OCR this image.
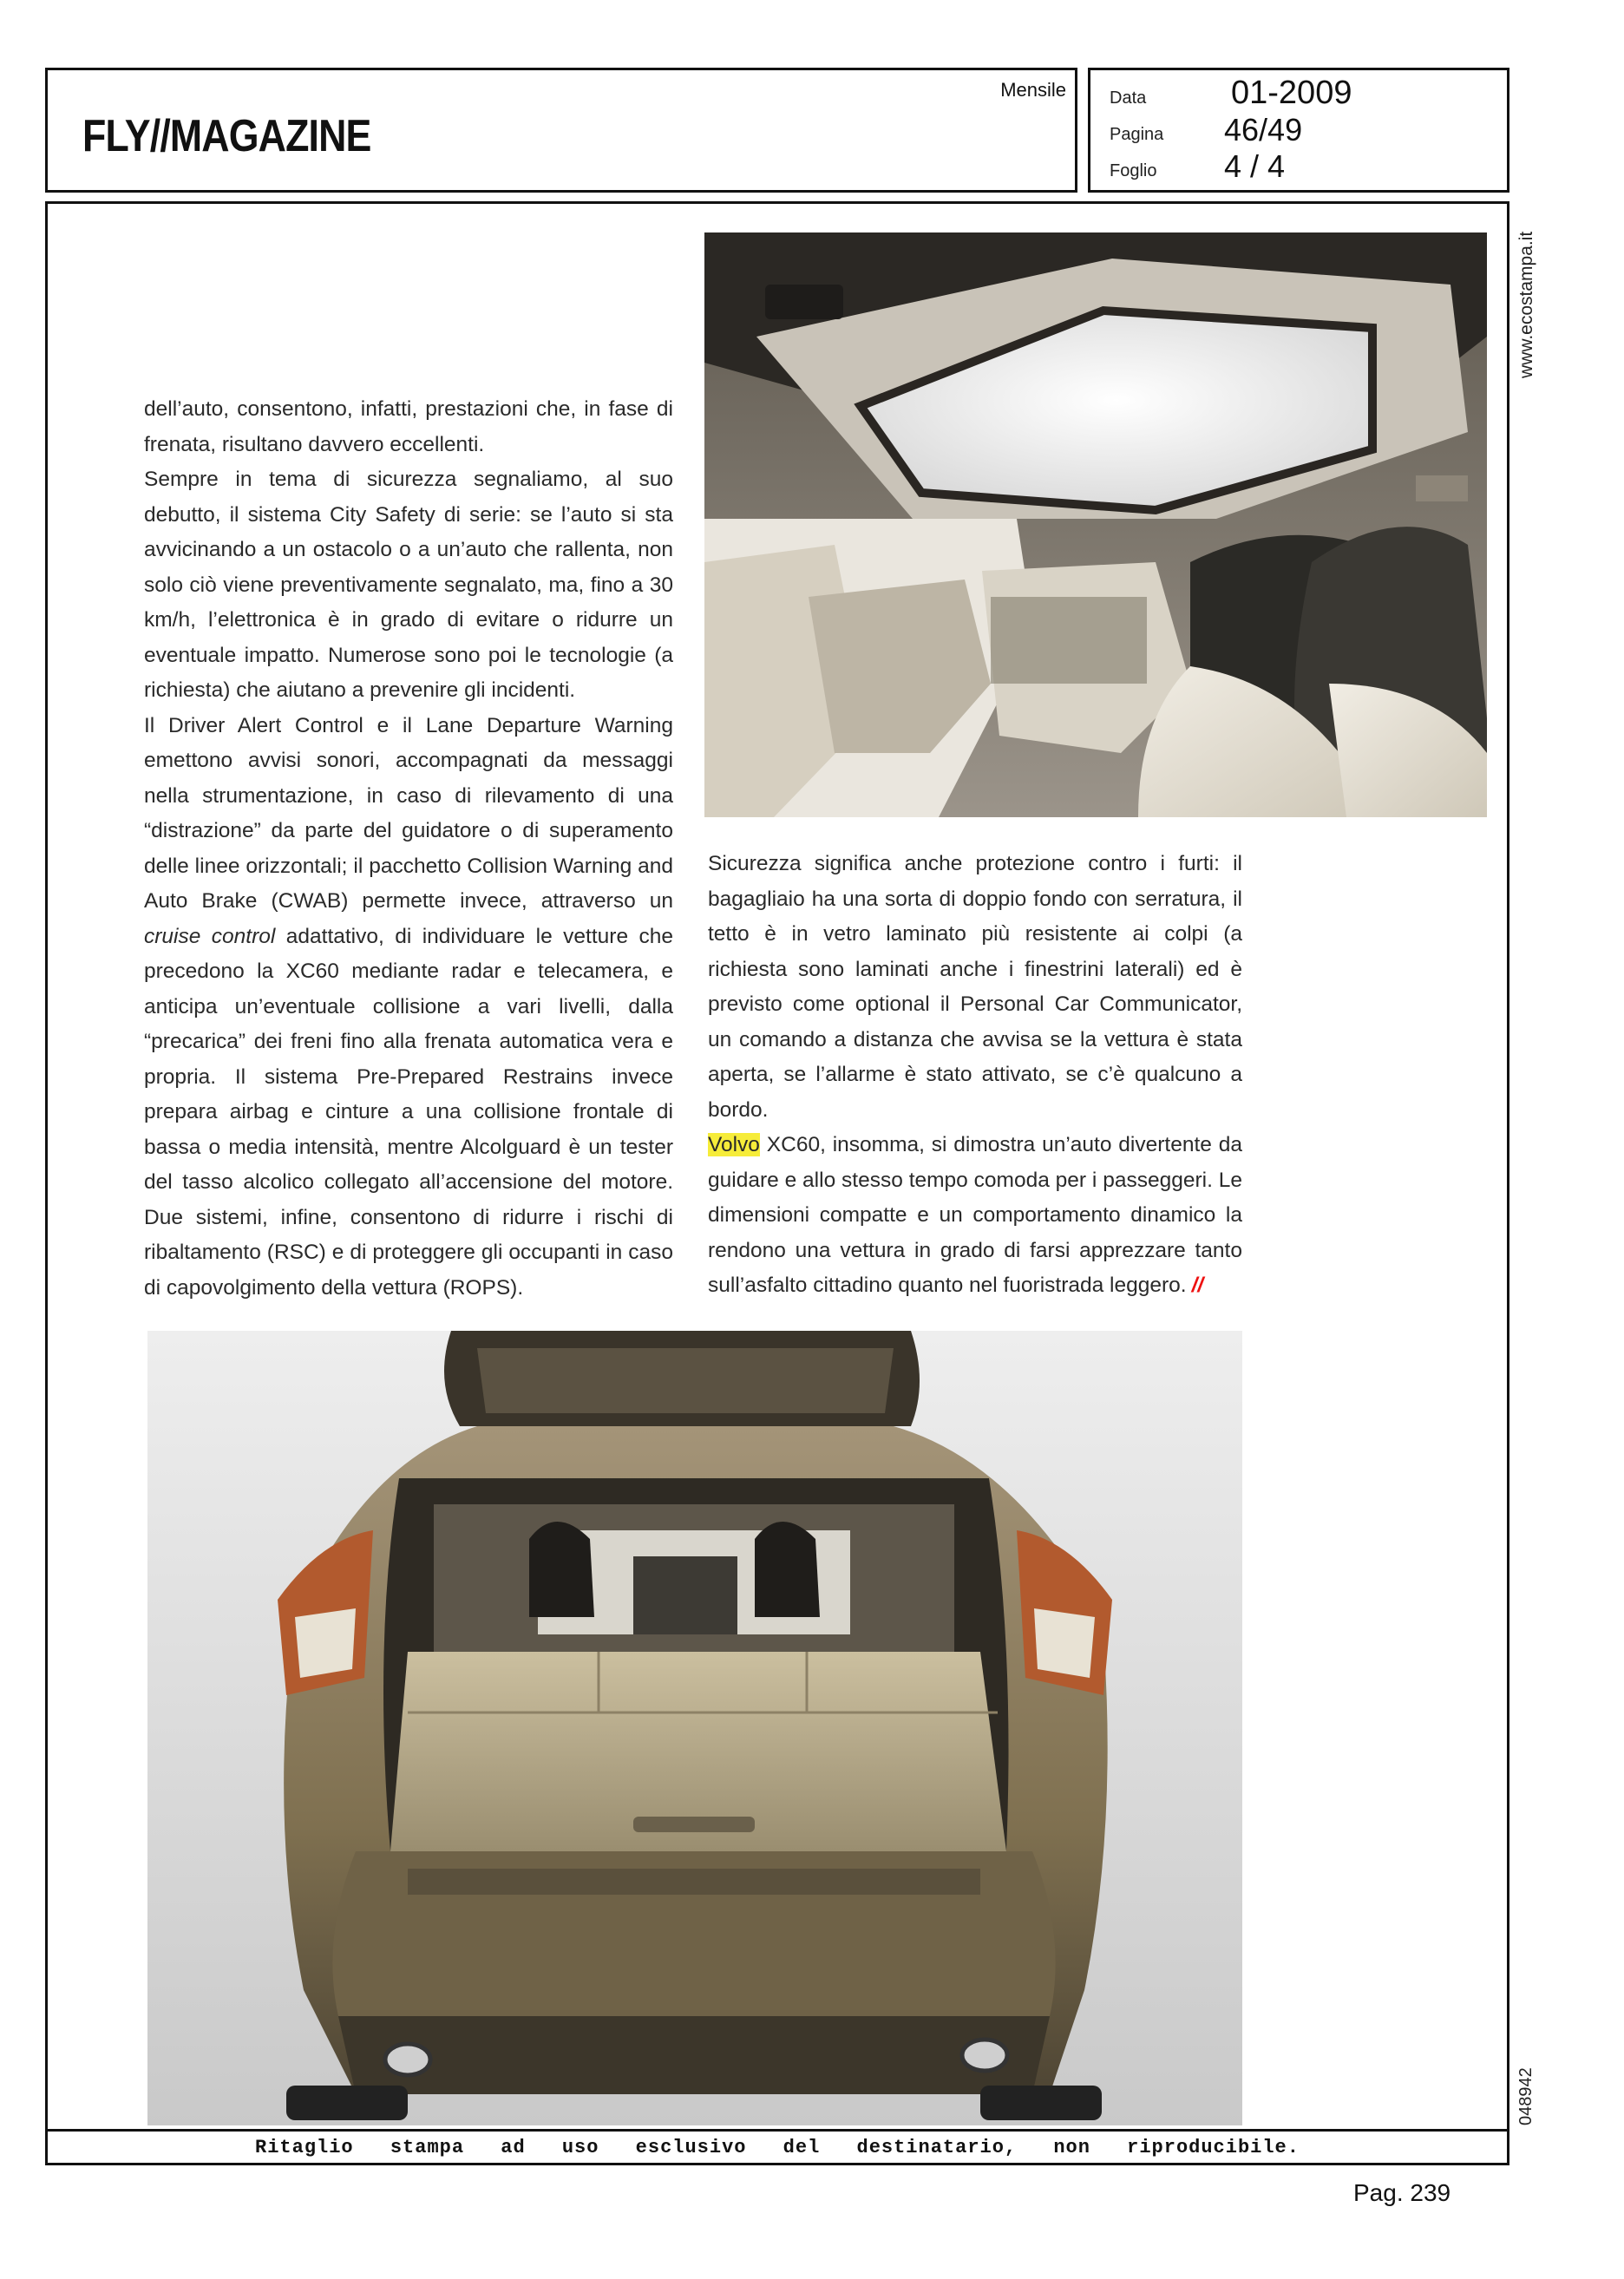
FLY//MAGAZINE
Mensile	Data	01-2009
Pagina 46/49
Foglio 4 / 4
www.ecostampa.it
048942

dell’auto, consentono, infatti, prestazioni che, in fase di frenata, risultano davvero eccellenti.

Sempre in tema di sicurezza segnaliamo, al suo debutto, il sistema City Safety di serie: se l’auto si sta avvicinando a un ostacolo o a un’auto che rallenta, non solo ciò viene preventivamente segnalato, ma, fino a 30 km/h, l’elettronica è in grado di evitare o ridurre un eventuale impatto. Numerose sono poi le tecnologie (a richiesta) che aiutano a prevenire gli incidenti.

Il Driver Alert Control e il Lane Departure Warning emettono avvisi sonori, accompagnati da messaggi nella strumentazione, in caso di rilevamento di una “distrazione” da parte del guidatore o di superamento delle linee orizzontali; il pacchetto Collision Warning and Auto Brake (CWAB) permette invece, attraverso un cruise control adattativo, di individuare le vetture che precedono la XC60 mediante radar e telecamera, e anticipa un’eventuale collisione a vari livelli, dalla “precarica” dei freni fino alla frenata automatica vera e propria. Il sistema Pre-Prepared Restrains invece prepara airbag e cinture a una collisione frontale di bassa o media intensità, mentre Alcolguard è un tester del tasso alcolico collegato all’accensione del motore. Due sistemi, infine, consentono di ridurre i rischi di ribaltamento (RSC) e di proteggere gli occupanti in caso di capovolgimento della vettura (ROPS).

Sicurezza significa anche protezione contro i furti: il bagagliaio ha una sorta di doppio fondo con serratura, il tetto è in vetro laminato più resistente ai colpi (a richiesta sono laminati anche i finestrini laterali) ed è previsto come optional il Personal Car Communicator, un comando a distanza che avvisa se la vettura è stata aperta, se l’allarme è stato attivato, se c’è qualcuno a bordo.

Volvo XC60, insomma, si dimostra un’auto divertente da guidare e allo stesso tempo comoda per i passeggeri. Le dimensioni compatte e un comportamento dinamico la rendono una vettura in grado di farsi apprezzare tanto sull’asfalto cittadino quanto nel fuoristrada leggero. //

Ritaglio stampa ad uso esclusivo del destinatario, non riproducibile.
Pag. 239
